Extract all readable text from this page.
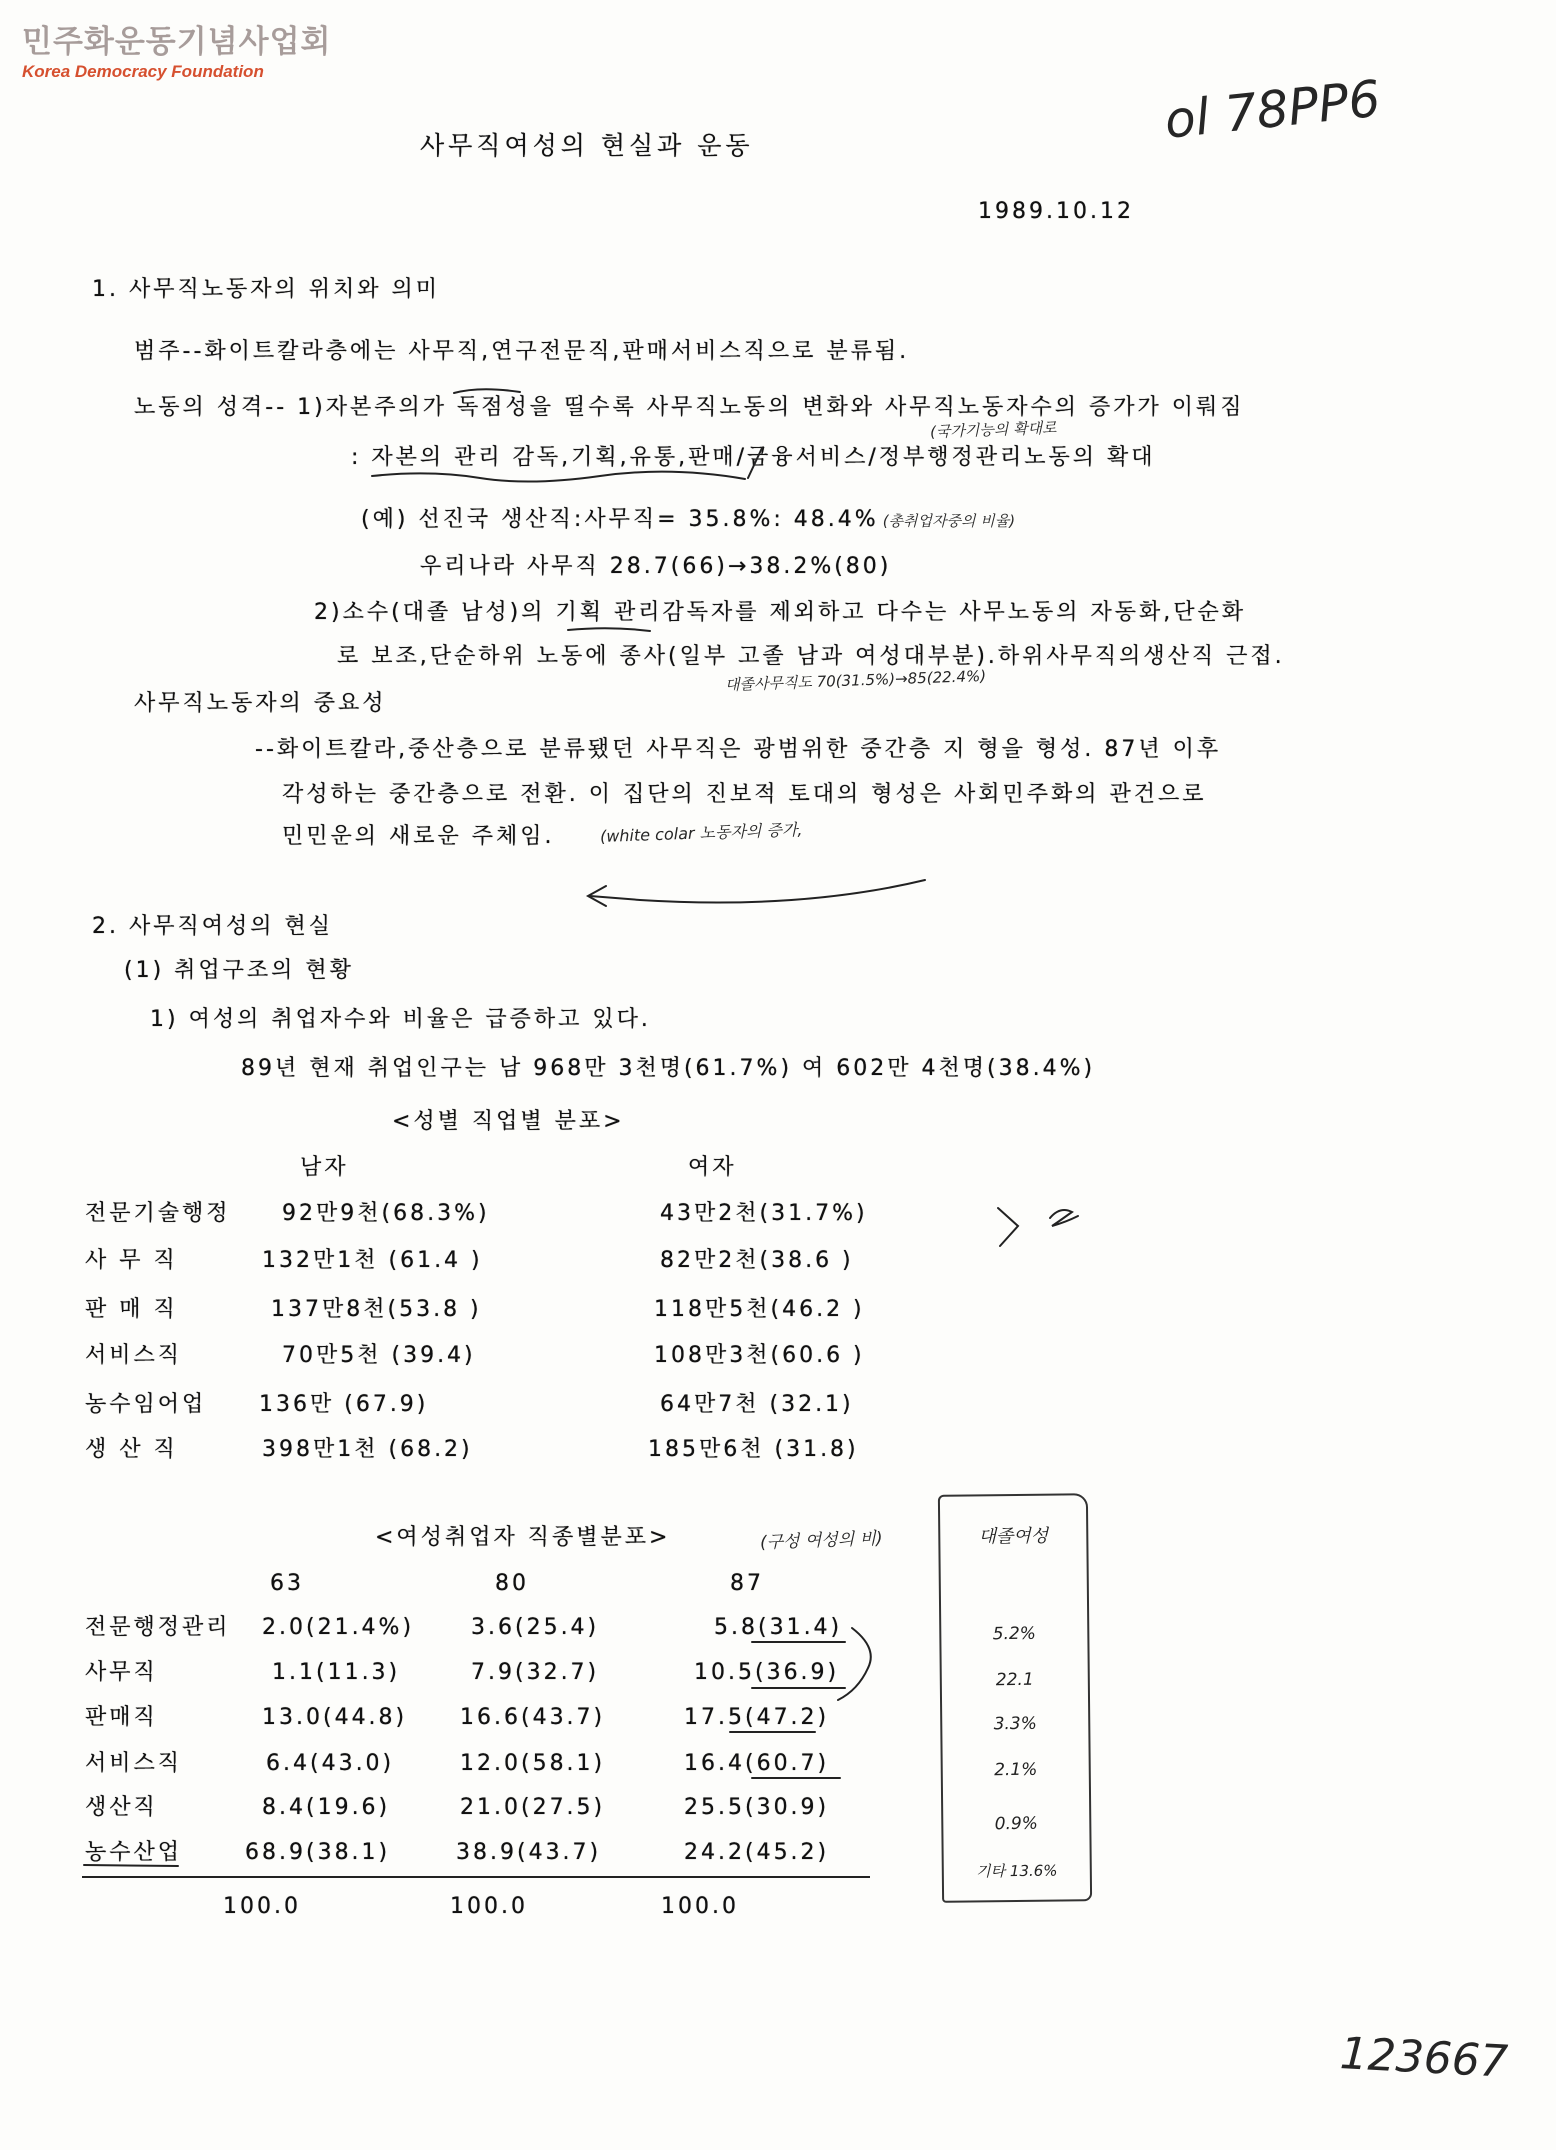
민주화운동기념사업회
Korea Democracy Foundation
사무직여성의 현실과 운동	ol 78PP6
1989.10.12
1. 사무직노동자의 위치와 의미
범주--화이트칼라층에는 사무직,연구전문직,판매서비스직으로 분류됨.
노동의 성격-- 1)자본주의가 독점성을 띨수록 사무직노동의 변화와 사무직노동자수의 증가가 이뤄짐
(국가기능의 확대로
: 자본의 관리 감독,기획,유통,판매/금융서비스/정부행정관리노동의 확대
(예) 선진국 생산직:사무직= 35.8%: 48.4% (총취업자중의 비율)
우리나라 사무직 28.7(66)→38.2%(80)
2)소수(대졸 남성)의 기획 관리감독자를 제외하고 다수는 사무노동의 자동화,단순화
로 보조,단순하위 노동에 종사(일부 고졸 남과 여성대부분).하위사무직의생산직 근접.
대졸사무직도 70(31.5%)→85(22.4%)
사무직노동자의 중요성
--화이트칼라,중산층으로 분류됐던 사무직은 광범위한 중간층 지 형을 형성. 87년 이후
각성하는 중간층으로 전환. 이 집단의 진보적 토대의 형성은 사회민주화의 관건으로
민민운의 새로운 주체임.	(white colar 노동자의 증가,
2. 사무직여성의 현실
(1) 취업구조의 현황
1) 여성의 취업자수와 비율은 급증하고 있다.
89년 현재 취업인구는 남 968만 3천명(61.7%) 여 602만 4천명(38.4%)
<성별 직업별 분포>
남자	여자
전문기술행정 92만9천(68.3%)	43만2천(31.7%)
사 무 직	132만1천 (61.4 )	82만2천(38.6 )
판 매 직	137만8천(53.8 )	118만5천(46.2 )
서비스직	70만5천 (39.4)	108만3천(60.6 )
농수임어업 136만 (67.9)	64만7천 (32.1)
생 산 직	398만1천 (68.2)	185만6천 (31.8)
<여성취업자 직종별분포>	(구성 여성의 비)
63	80	87
전문행정관리 2.0(21.4%)	3.6(25.4)	5.8(31.4)
사무직	1.1(11.3)	7.9(32.7)	10.5(36.9)
판매직	13.0(44.8) 16.6(43.7)	17.5(47.2)
서비스직	6.4(43.0)	12.0(58.1)	16.4(60.7)
생산직	8.4(19.6)	21.0(27.5)	25.5(30.9)
농수산업	68.9(38.1)	38.9(43.7)	24.2(45.2)
100.0	100.0	100.0
대졸여성
5.2%
22.1
3.3%
2.1%
0.9%
기타 13.6%
123667
